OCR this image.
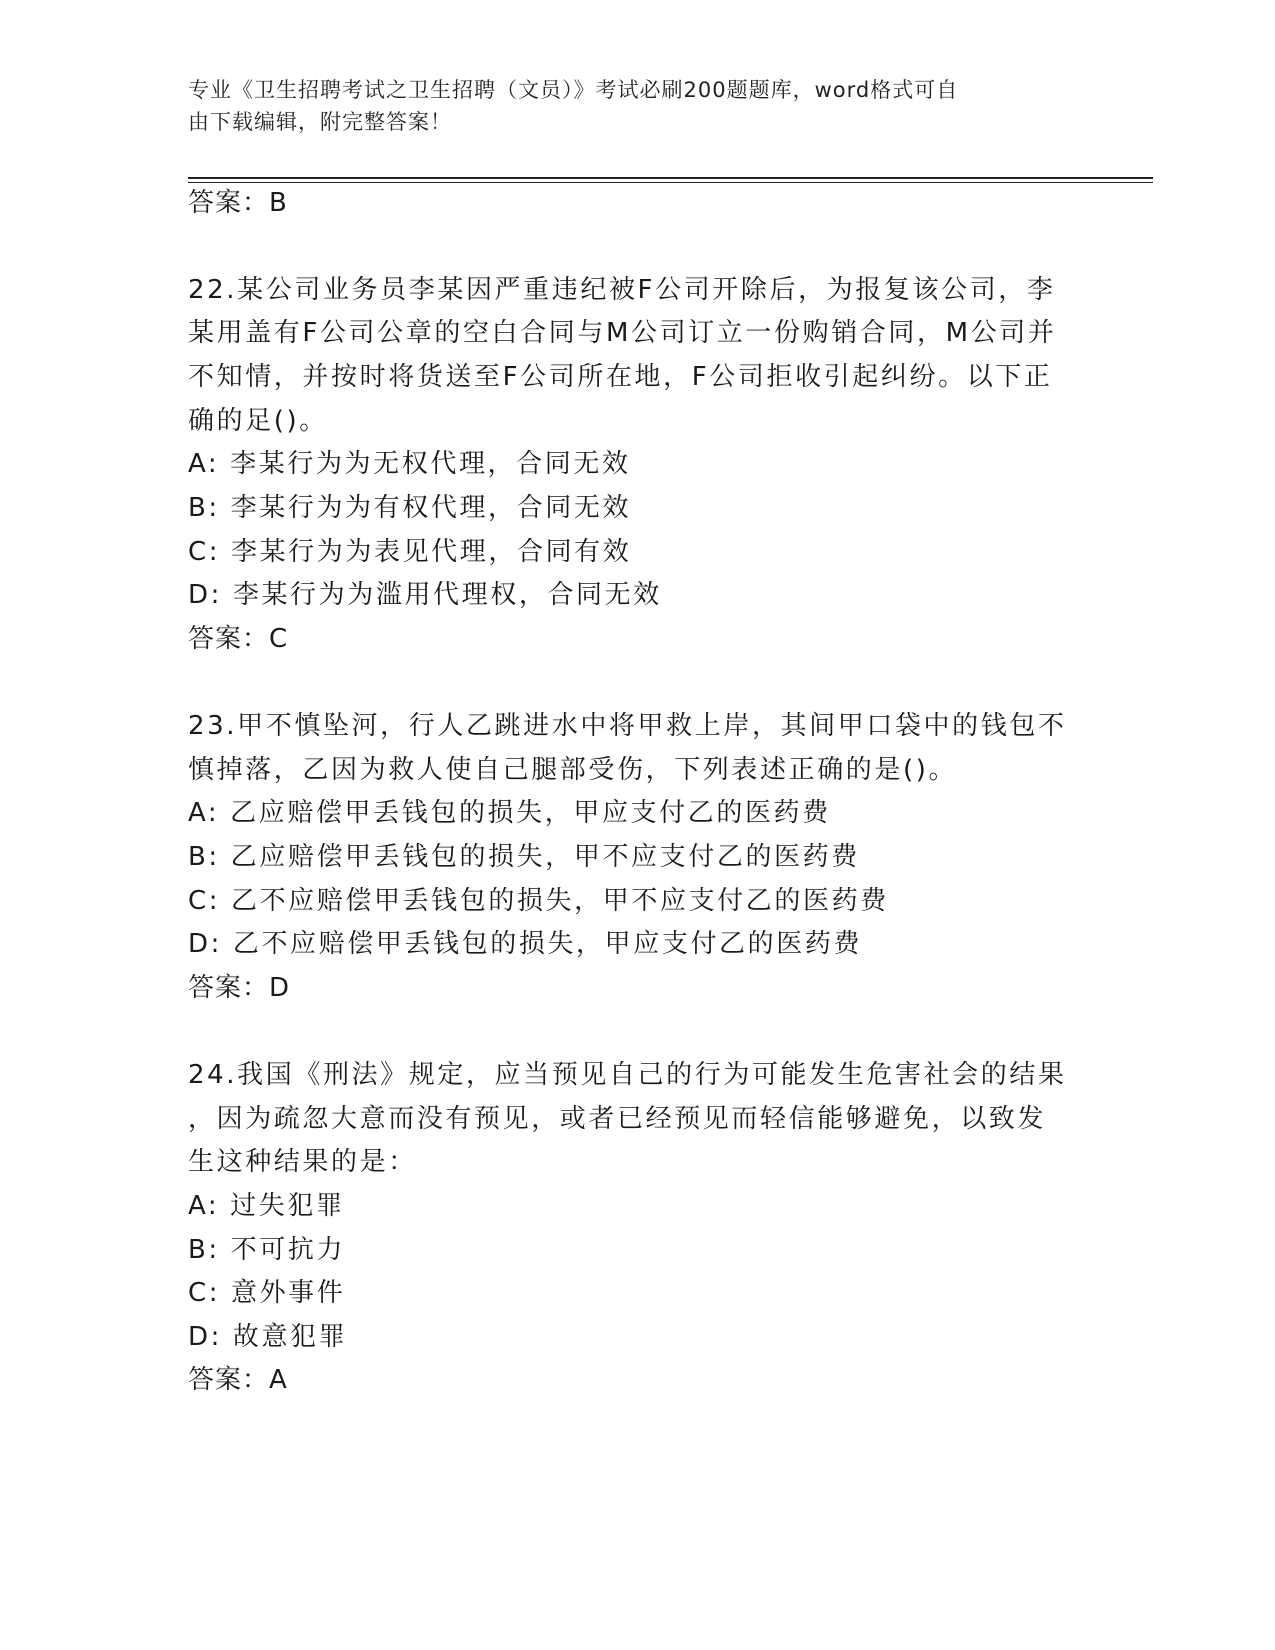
专业《卫生招聘考试之卫生招聘（文员）》考试必刷200题题库，word格式可自
由下载编辑，附完整答案！
答案：B
22.某公司业务员李某因严重违纪被F公司开除后，为报复该公司，李
某用盖有F公司公章的空白合同与M公司订立一份购销合同，M公司并
不知情，并按时将货送至F公司所在地，F公司拒收引起纠纷。以下正
确的足()。
A: 李某行为为无权代理，合同无效
B: 李某行为为有权代理，合同无效
C: 李某行为为表见代理，合同有效
D: 李某行为为滥用代理权，合同无效
答案：C
23.甲不慎坠河，行人乙跳进水中将甲救上岸，其间甲口袋中的钱包不
慎掉落，乙因为救人使自己腿部受伤，下列表述正确的是()。
A: 乙应赔偿甲丢钱包的损失，甲应支付乙的医药费
B: 乙应赔偿甲丢钱包的损失，甲不应支付乙的医药费
C: 乙不应赔偿甲丢钱包的损失，甲不应支付乙的医药费
D: 乙不应赔偿甲丢钱包的损失，甲应支付乙的医药费
答案：D
24.我国《刑法》规定，应当预见自己的行为可能发生危害社会的结果
，因为疏忽大意而没有预见，或者已经预见而轻信能够避免，以致发
生这种结果的是：
A: 过失犯罪
B: 不可抗力
C: 意外事件
D: 故意犯罪
答案：A
